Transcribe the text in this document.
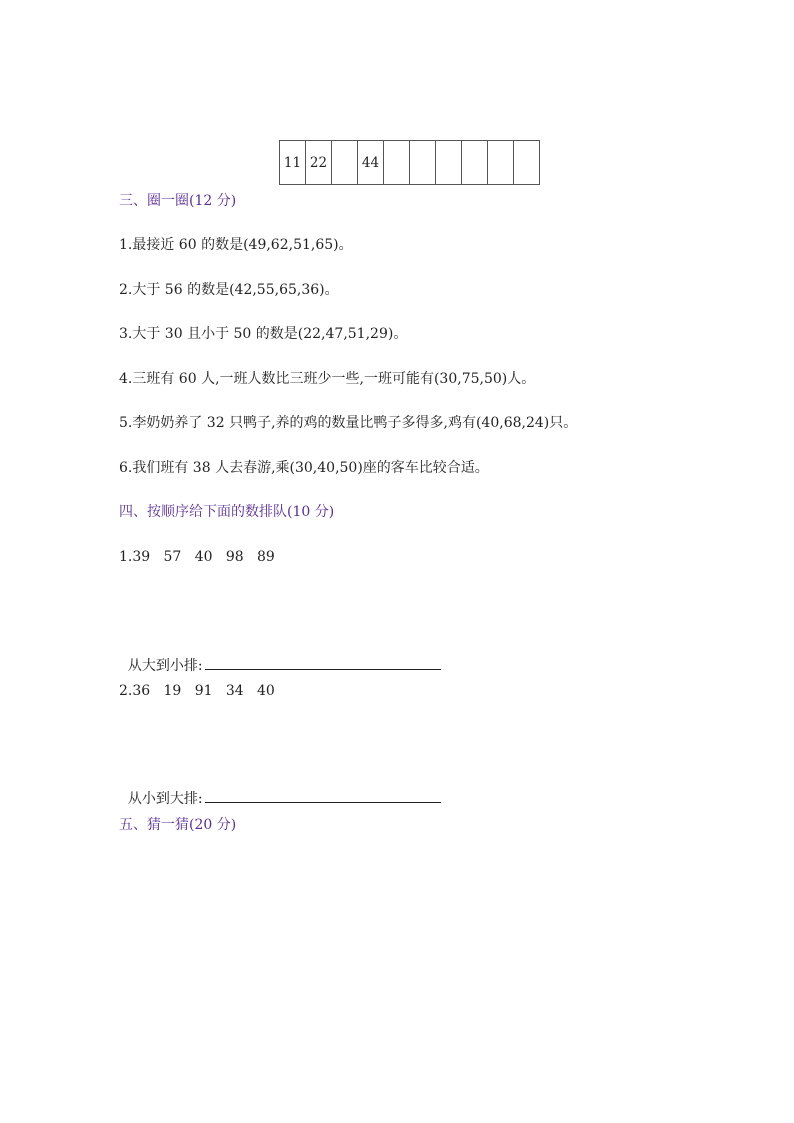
11	22		44						
三、圈一圈(12 分)
1.最接近 60 的数是(49,62,51,65)。
2.大于 56 的数是(42,55,65,36)。
3.大于 30 且小于 50 的数是(22,47,51,29)。
4.三班有 60 人,一班人数比三班少一些,一班可能有(30,75,50)人。
5.李奶奶养了 32 只鸭子,养的鸡的数量比鸭子多得多,鸡有(40,68,24)只。
6.我们班有 38 人去春游,乘(30,40,50)座的客车比较合适。
四、按顺序给下面的数排队(10 分)
1.39   57   40   98   89

从大到小排:

2.36   19   91   34   40

从小到大排:

五、猜一猜(20 分)
